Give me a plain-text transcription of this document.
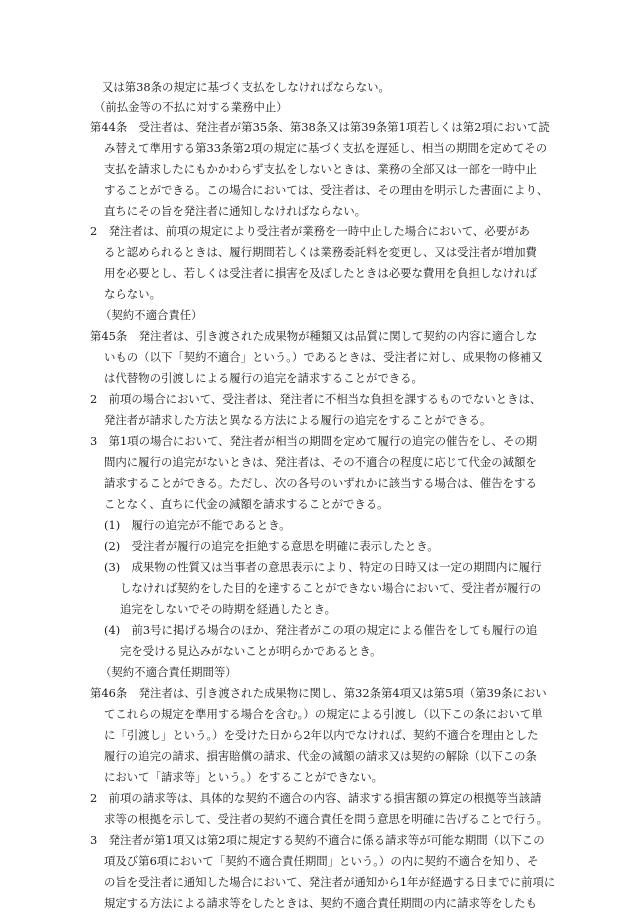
又は第38条の規定に基づく支払をしなければならない。
（前払金等の不払に対する業務中止）
第44条　受注者は、発注者が第35条、第38条又は第39条第1項若しくは第2項において読
み替えて準用する第33条第2項の規定に基づく支払を遅延し、相当の期間を定めてその
支払を請求したにもかかわらず支払をしないときは、業務の全部又は一部を一時中止
することができる。この場合においては、受注者は、その理由を明示した書面により、
直ちにその旨を発注者に通知しなければならない。
2　発注者は、前項の規定により受注者が業務を一時中止した場合において、必要があ
ると認められるときは、履行期間若しくは業務委託料を変更し、又は受注者が増加費
用を必要とし、若しくは受注者に損害を及ぼしたときは必要な費用を負担しなければ
ならない。
（契約不適合責任）
第45条　発注者は、引き渡された成果物が種類又は品質に関して契約の内容に適合しな
いもの（以下「契約不適合」という。）であるときは、受注者に対し、成果物の修補又
は代替物の引渡しによる履行の追完を請求することができる。
2　前項の場合において、受注者は、発注者に不相当な負担を課するものでないときは、
発注者が請求した方法と異なる方法による履行の追完をすることができる。
3　第1項の場合において、発注者が相当の期間を定めて履行の追完の催告をし、その期
間内に履行の追完がないときは、発注者は、その不適合の程度に応じて代金の減額を
請求することができる。ただし、次の各号のいずれかに該当する場合は、催告をする
ことなく、直ちに代金の減額を請求することができる。
(1)　履行の追完が不能であるとき。
(2)　受注者が履行の追完を拒絶する意思を明確に表示したとき。
(3)　成果物の性質又は当事者の意思表示により、特定の日時又は一定の期間内に履行
しなければ契約をした目的を達することができない場合において、受注者が履行の
追完をしないでその時期を経過したとき。
(4)　前3号に掲げる場合のほか、発注者がこの項の規定による催告をしても履行の追
完を受ける見込みがないことが明らかであるとき。
（契約不適合責任期間等）
第46条　発注者は、引き渡された成果物に関し、第32条第4項又は第5項（第39条におい
てこれらの規定を準用する場合を含む。）の規定による引渡し（以下この条において単
に「引渡し」という。）を受けた日から2年以内でなければ、契約不適合を理由とした
履行の追完の請求、損害賠償の請求、代金の減額の請求又は契約の解除（以下この条
において「請求等」という。）をすることができない。
2　前項の請求等は、具体的な契約不適合の内容、請求する損害額の算定の根拠等当該請
求等の根拠を示して、受注者の契約不適合責任を問う意思を明確に告げることで行う。
3　発注者が第1項又は第2項に規定する契約不適合に係る請求等が可能な期間（以下この
項及び第6項において「契約不適合責任期間」という。）の内に契約不適合を知り、そ
の旨を受注者に通知した場合において、発注者が通知から1年が経過する日までに前項に
規定する方法による請求等をしたときは、契約不適合責任期間の内に請求等をしたも
